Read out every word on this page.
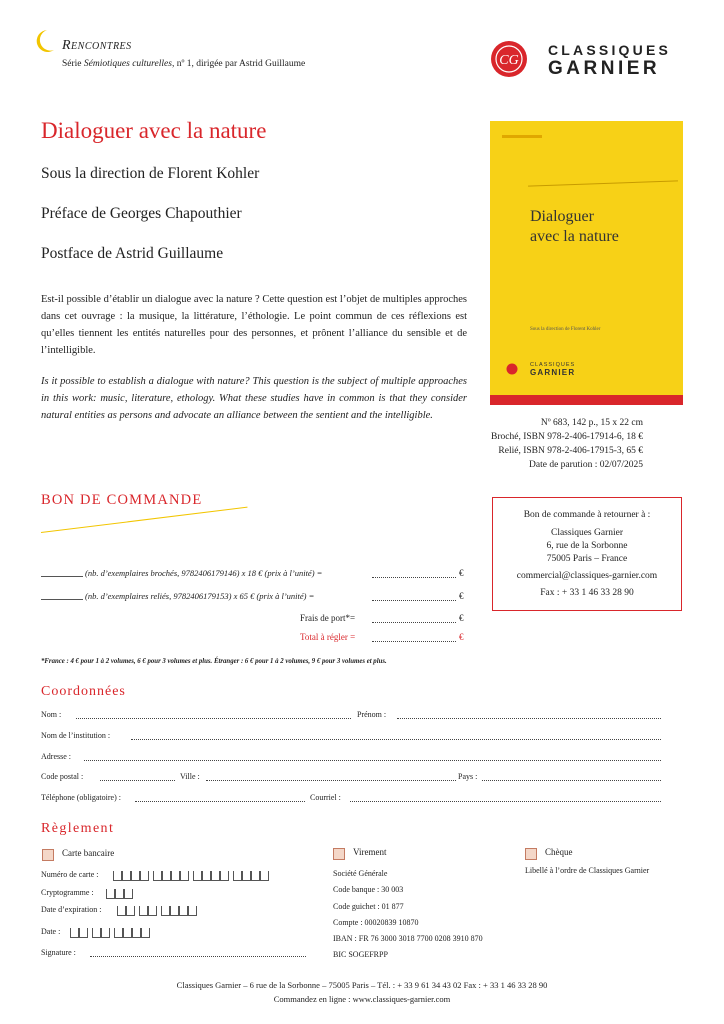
Rencontres
Série Sémiotiques culturelles, nº 1, dirigée par Astrid Guillaume	CG
CLASSIQUES
GARNIER
Dialoguer avec la nature
Sous la direction de Florent Kohler
Préface de Georges Chapouthier
Postface de Astrid Guillaume
Est-il possible d’établir un dialogue avec la nature ? Cette question est l’objet de multiples approches dans cet ouvrage : la musique, la littérature, l’éthologie. Le point commun de ces réflexions est qu’elles tiennent les entités naturelles pour des personnes, et prônent l’alliance du sensible et de l’intelligible.
Is it possible to establish a dialogue with nature? This question is the subject of multiple approaches in this work: music, literature, ethology. What these studies have in common is that they consider natural entities as persons and advocate an alliance between the sentient and the intelligible.
Dialoguer
avec la nature
Sous la direction de Florent Kohler
CLASSIQUES
GARNIER
Nº 683, 142 p., 15 x 22 cm
Broché, ISBN 978-2-406-17914-6, 18 €
Relié, ISBN 978-2-406-17915-3, 65 €
Date de parution : 02/07/2025
BON DE COMMANDE
(nb. d’exemplaires brochés, 9782406179146) x 18 € (prix à l’unité) =	€
(nb. d’exemplaires reliés, 9782406179153) x 65 € (prix à l’unité) =	€
Frais de port*=	€
Total à régler =	€
*France : 4 € pour 1 à 2 volumes, 6 € pour 3 volumes et plus. Étranger : 6 € pour 1 à 2 volumes, 9 € pour 3 volumes et plus.
Bon de commande à retourner à :
Classiques Garnier
6, rue de la Sorbonne
75005 Paris – France
commercial@classiques-garnier.com
Fax : + 33 1 46 33 28 90
Coordonnées
Nom :	Prénom :
Nom de l’institution :
Adresse :
Code postal :	Ville :	Pays :
Téléphone (obligatoire) :	Courriel :
Règlement
Carte bancaire
Numéro de carte :

Cryptogramme :
Date d’expiration :

Date :

Signature :
Virement
Société Générale
Code banque : 30 003
Code guichet : 01 877
Compte : 00020839 10870
IBAN : FR 76 3000 3018 7700 0208 3910 870
BIC SOGEFRPP
Chèque
Libellé à l’ordre de Classiques Garnier
Classiques Garnier – 6 rue de la Sorbonne – 75005 Paris – Tél. : + 33 9 61 34 43 02 Fax : + 33 1 46 33 28 90
Commandez en ligne : www.classiques-garnier.com
